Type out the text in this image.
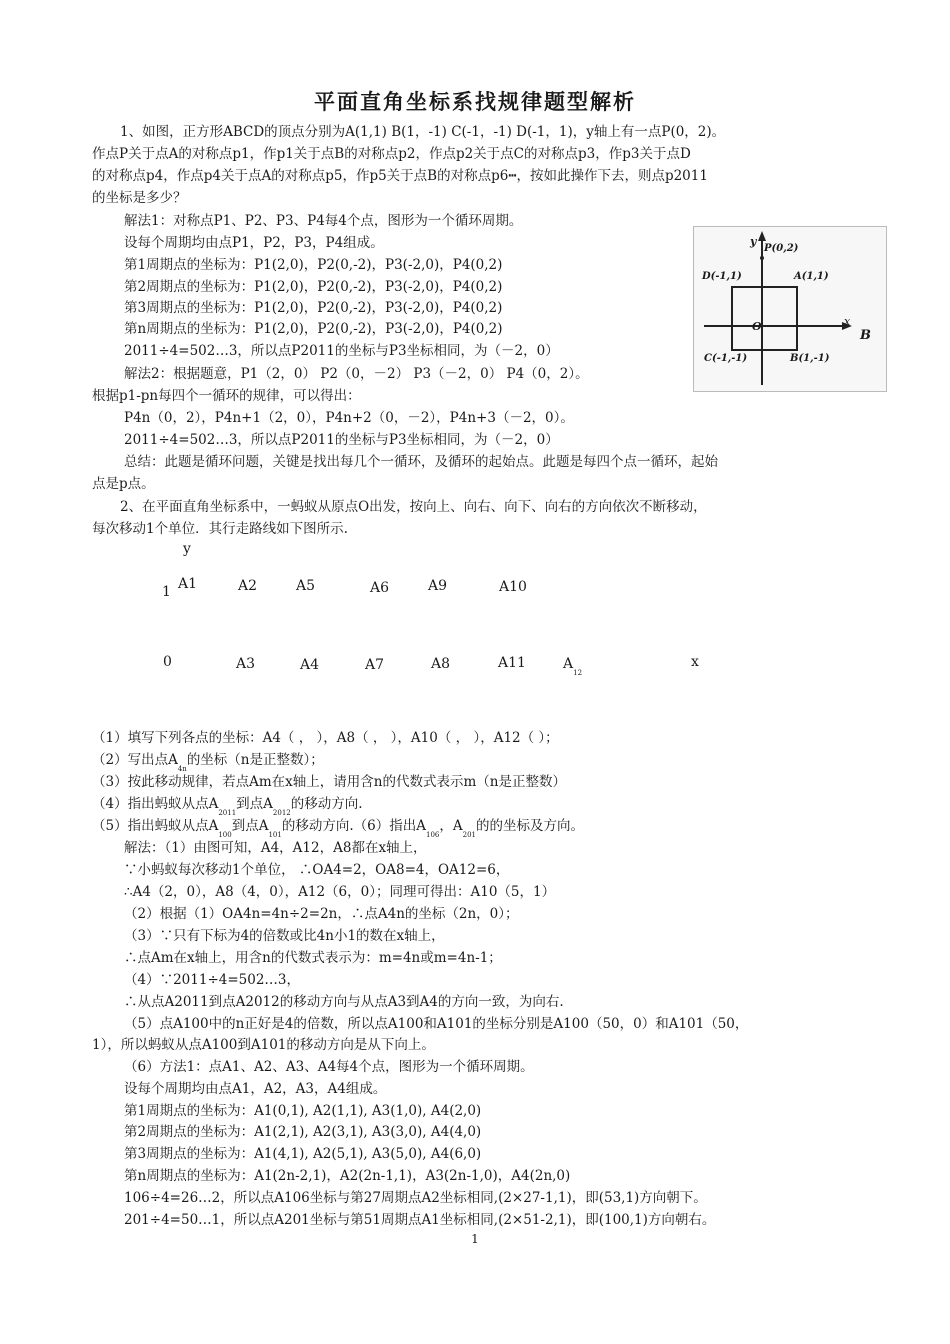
平面直角坐标系找规律题型解析
1、如图，正方形ABCD的顶点分别为A(1,1) B(1，-1) C(-1，-1) D(-1，1)，y轴上有一点P(0，2)。
作点P关于点A的对称点p1，作p1关于点B的对称点p2，作点p2关于点C的对称点p3，作p3关于点D
的对称点p4，作点p4关于点A的对称点p5，作p5关于点B的对称点p6┅，按如此操作下去，则点p2011
的坐标是多少？
解法1：对称点P1、P2、P3、P4每4个点，图形为一个循环周期。
设每个周期均由点P1，P2，P3，P4组成。
第1周期点的坐标为：P1(2,0)，P2(0,-2)，P3(-2,0)，P4(0,2)
第2周期点的坐标为：P1(2,0)，P2(0,-2)，P3(-2,0)，P4(0,2)
第3周期点的坐标为：P1(2,0)，P2(0,-2)，P3(-2,0)，P4(0,2)
第n周期点的坐标为：P1(2,0)，P2(0,-2)，P3(-2,0)，P4(0,2)
2011÷4=502…3，所以点P2011的坐标与P3坐标相同，为（－2，0）
解法2：根据题意，P1（2，0） P2（0，－2） P3（－2，0） P4（0，2）。
根据p1-pn每四个一循环的规律，可以得出：
P4n（0，2），P4n+1（2，0），P4n+2（0，－2），P4n+3（－2，0）。
2011÷4=502…3，所以点P2011的坐标与P3坐标相同，为（－2，0）
总结：此题是循环问题，关键是找出每几个一循环，及循环的起始点。此题是每四个点一循环，起始
点是p点。
2、在平面直角坐标系中，一蚂蚁从原点O出发，按向上、向右、向下、向右的方向依次不断移动，
每次移动1个单位．其行走路线如下图所示.
y
P(0,2)
D(-1,1)	A(1,1)
O	x
B
C(-1,-1)	B(1,-1)
y
1 A1	A2	A5	A6	A9	A10
0	A3	A4	A7	A8	A11	$A_{12}$
x
（1）填写下列各点的坐标：A4（ ， ），A8（ ， ），A10（ ， ），A12（ ）；
（2）写出点$A_{4n}$的坐标（n是正整数）；
（3）按此移动规律，若点Am在x轴上，请用含n的代数式表示m（n是正整数）
（4）指出蚂蚁从点$A_{2011}$到点$A_{2012}$的移动方向.
（5）指出蚂蚁从点$A_{100}$到点$A_{101}$的移动方向.（6）指出$A_{106}$，$A_{201}$的的坐标及方向。
解法：（1）由图可知，A4，A12，A8都在x轴上，
∵小蚂蚁每次移动1个单位， ∴OA4=2，OA8=4，OA12=6，
∴A4（2，0），A8（4，0），A12（6，0）；同理可得出：A10（5，1）
（2）根据（1）OA4n=4n÷2=2n，∴点A4n的坐标（2n，0）；
（3）∵只有下标为4的倍数或比4n小1的数在x轴上，
∴点Am在x轴上，用含n的代数式表示为：m=4n或m=4n-1；
（4）∵2011÷4=502…3，
∴从点A2011到点A2012的移动方向与从点A3到A4的方向一致，为向右.
（5）点A100中的n正好是4的倍数，所以点A100和A101的坐标分别是A100（50，0）和A101（50，
1），所以蚂蚁从点A100到A101的移动方向是从下向上。
（6）方法1：点A1、A2、A3、A4每4个点，图形为一个循环周期。
设每个周期均由点A1，A2，A3，A4组成。
第1周期点的坐标为：A1(0,1), A2(1,1), A3(1,0), A4(2,0)
第2周期点的坐标为：A1(2,1), A2(3,1), A3(3,0), A4(4,0)
第3周期点的坐标为：A1(4,1), A2(5,1), A3(5,0), A4(6,0)
第n周期点的坐标为：A1(2n-2,1)，A2(2n-1,1)，A3(2n-1,0)，A4(2n,0)
106÷4=26…2，所以点A106坐标与第27周期点A2坐标相同,(2×27-1,1)，即(53,1)方向朝下。
201÷4=50…1，所以点A201坐标与第51周期点A1坐标相同,(2×51-2,1)，即(100,1)方向朝右。
1
